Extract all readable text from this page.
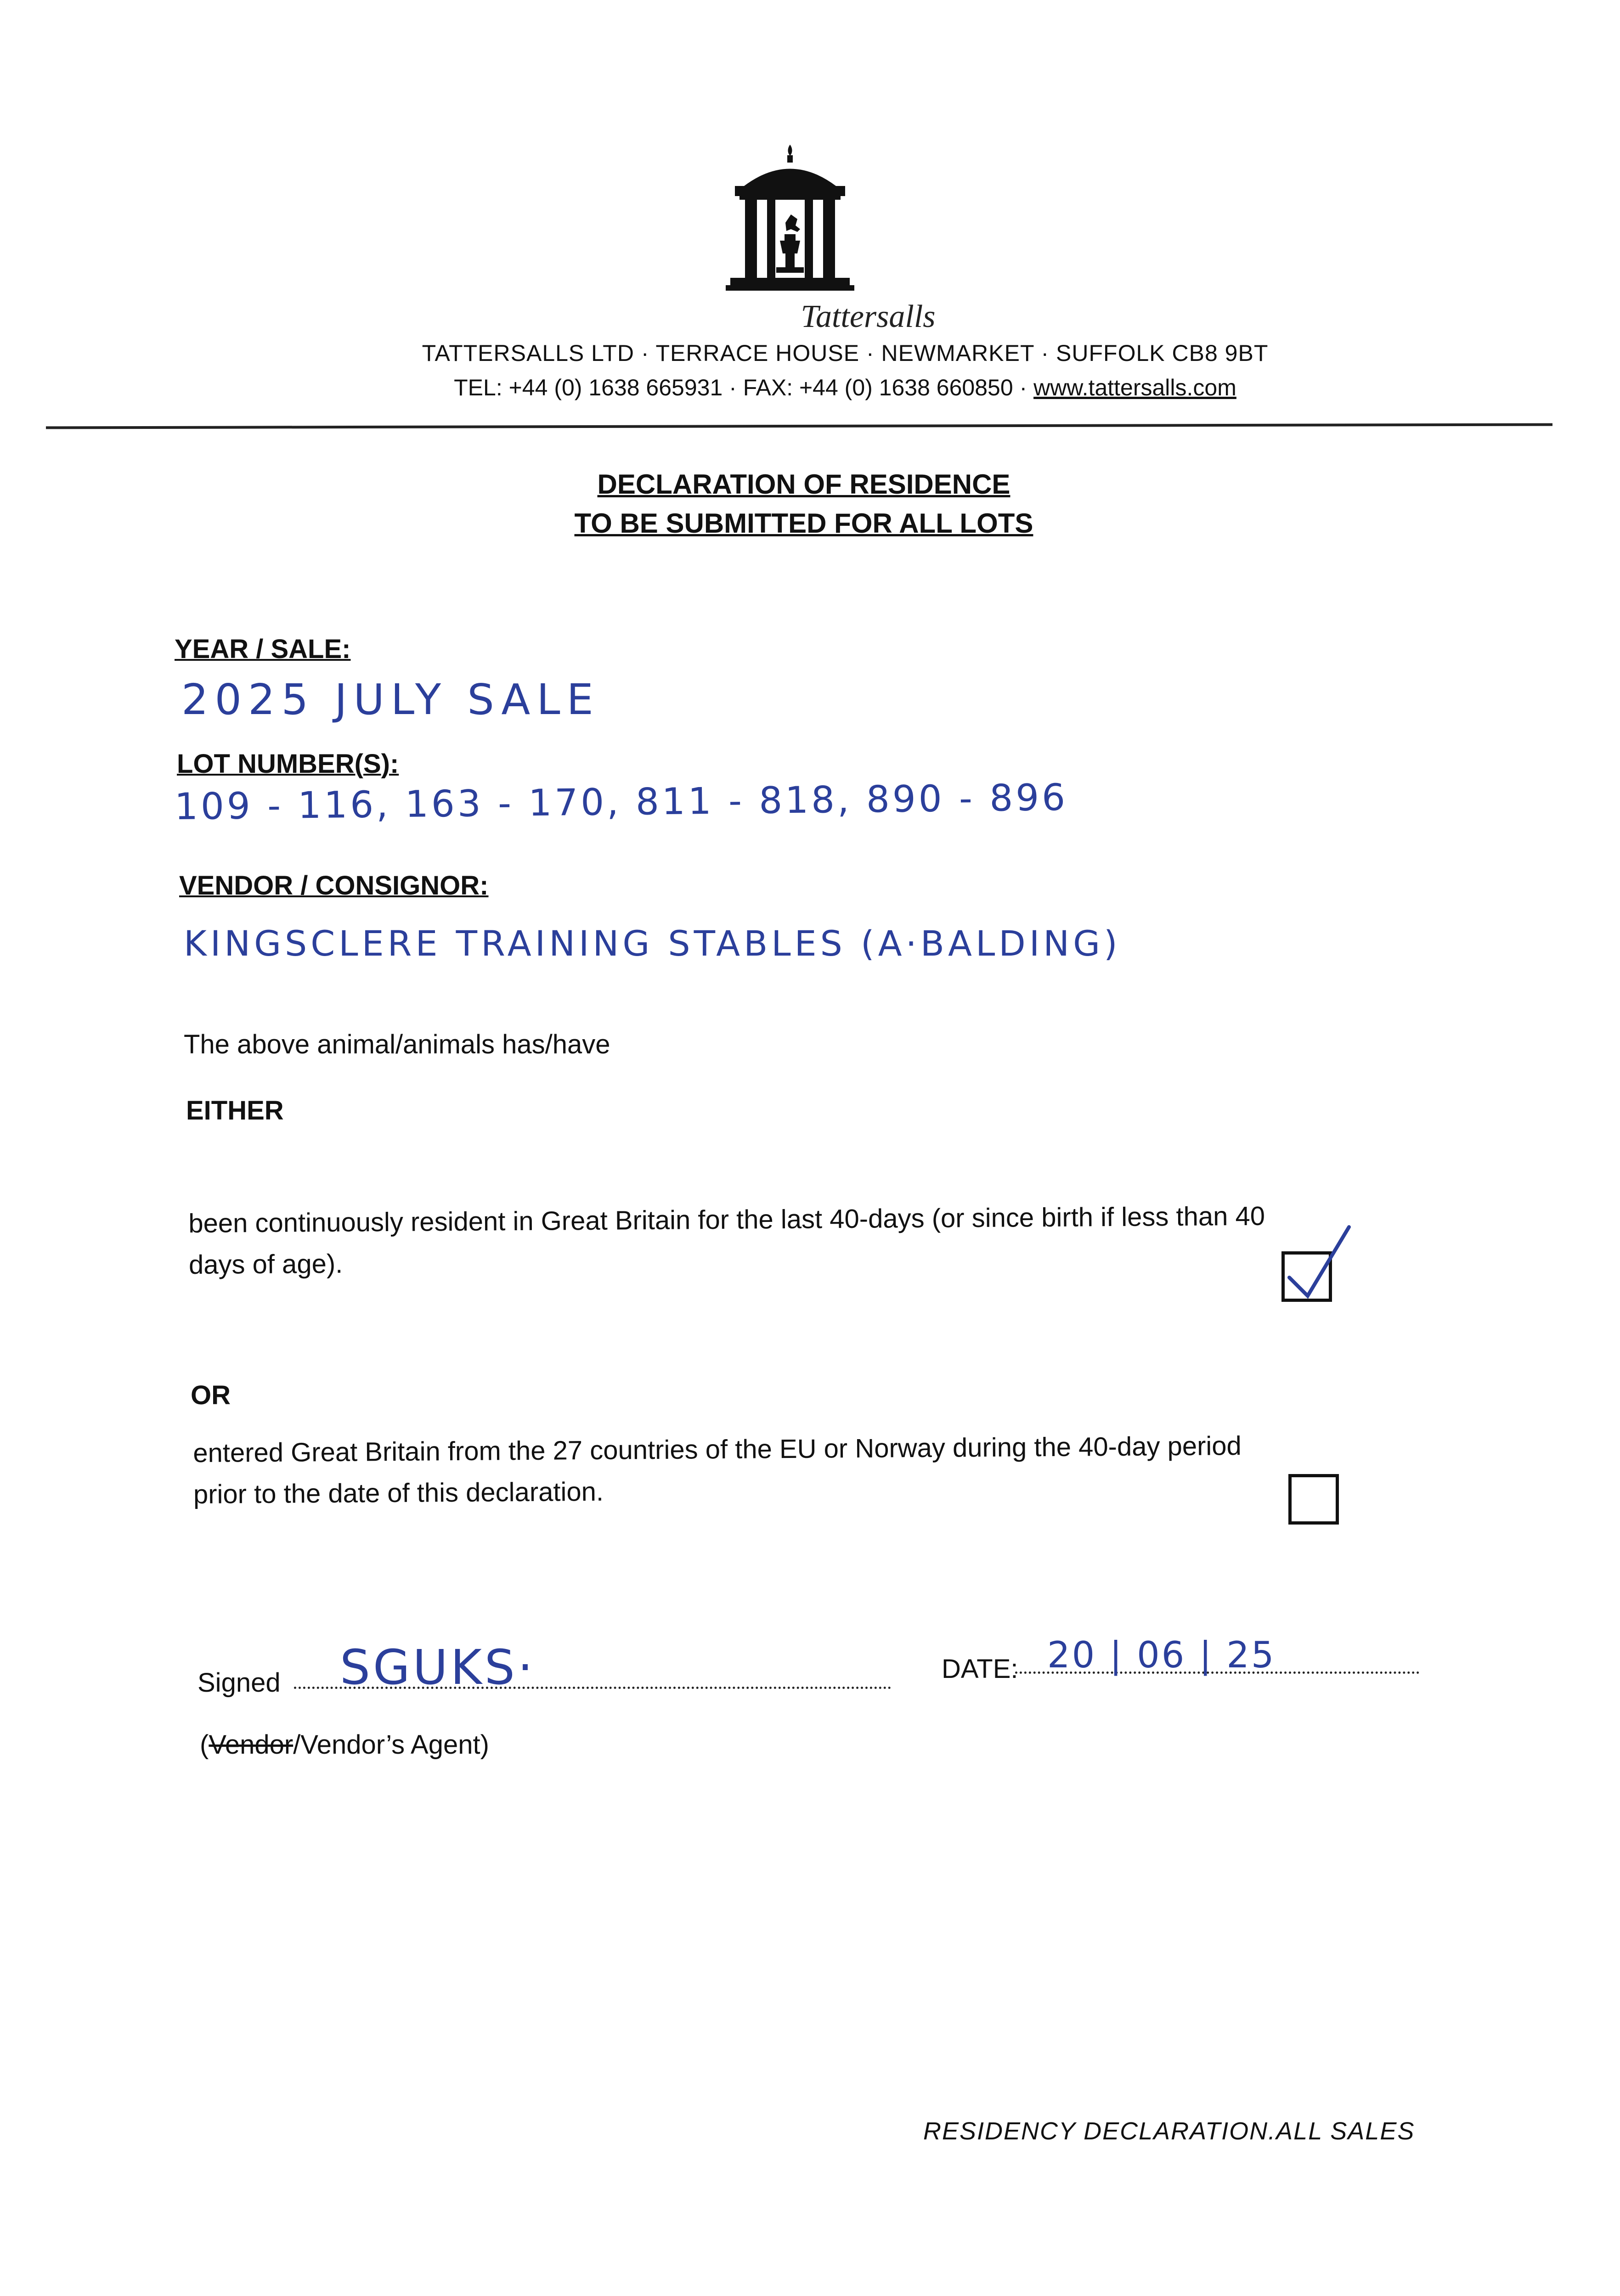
Tattersalls
TATTERSALLS LTD · TERRACE HOUSE · NEWMARKET · SUFFOLK CB8 9BT
TEL: +44 (0) 1638 665931 · FAX: +44 (0) 1638 660850 · www.tattersalls.com
DECLARATION OF RESIDENCE
TO BE SUBMITTED FOR ALL LOTS
YEAR / SALE:
2025 JULY SALE
LOT NUMBER(S):
109 - 116, 163 - 170, 811 - 818, 890 - 896
VENDOR / CONSIGNOR:
KINGSCLERE TRAINING STABLES (A·BALDING)
The above animal/animals has/have
EITHER
been continuously resident in Great Britain for the last 40-days (or since birth if less than 40
days of age).
OR
entered Great Britain from the 27 countries of the EU or Norway during the 40-day period
prior to the date of this declaration.
Signed SGUKS·	DATE: 20 | 06 | 25
(Vendor/Vendor’s Agent)
RESIDENCY DECLARATION.ALL SALES
